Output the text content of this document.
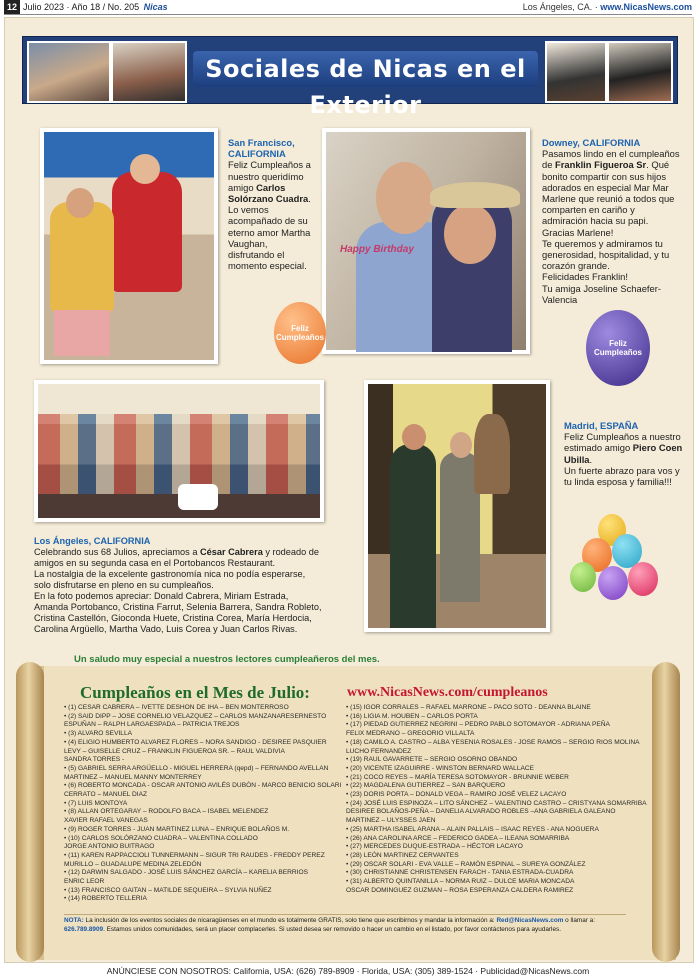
12 Julio 2023 · Año 18 / No. 205 Nicas	Los Ángeles, CA. · www.NicasNews.com
Sociales de Nicas en el Exterior
San Francisco, CALIFORNIA
Feliz Cumpleaños a nuestro queridímo amigo Carlos Solórzano Cuadra. Lo vemos acompañado de su eterno amor Martha Vaughan, disfrutando el momento especial.
Happy Birthday
Downey, CALIFORNIA
Pasamos lindo en el cumpleaños de Franklin Figueroa Sr. Qué bonito compartir con sus hijos adorados en especial Mar Mar Marlene que reunió a todos que comparten en cariño y admiración hacia su papi.
Gracias Marlene!
Te queremos y admiramos tu generosidad, hospitalidad, y tu corazón grande.
Felicidades Franklin!
Tu amiga Joseline Schaefer-Valencia
Feliz Cumpleaños
Feliz Cumpleaños
Madrid, ESPAÑA
Feliz Cumpleaños a nuestro estimado amigo Piero Coen Ubilla.
Un fuerte abrazo para vos y tu linda esposa y familia!!!
Los Ángeles, CALIFORNIA
Celebrando sus 68 Julios, apreciamos a César Cabrera y rodeado de amigos en su segunda casa en el Portobancos Restaurant.
La nostalgia de la excelente gastronomía nica no podía esperarse, solo disfrutarse en pleno en su cumpleaños.
En la foto podemos apreciar: Donald Cabrera, Miriam Estrada, Amanda Portobanco, Cristina Farrut, Selenia Barrera, Sandra Robleto, Cristina Castellón, Gioconda Huete, Cristina Corea, María Herdocia, Carolina Argüello, Martha Vado, Luis Corea y Juan Carlos Rivas.
Un saludo muy especial a nuestros lectores cumpleañeros del mes.
Cumpleaños en el Mes de Julio:	www.NicasNews.com/cumpleanos
• (1) CESAR CABRERA – IVETTE DESHON DE IHA – BEN MONTERROSO
• (2) SAID DIPP – JOSE CORNELIO VELAZQUEZ – CARLOS MANZANARESERNESTO
ESPUÑAN – RALPH LARGAESPADA – PATRICIA TREJOS
• (3) ALVARO SEVILLA
• (4) ELIGIO HUMBERTO ALVAREZ FLORES – NORA SANDIGO - DESIREE PASQUIER
LEVY – GUISELLE CRUZ – FRANKLIN FIGUEROA SR. – RAUL VALDIVIA
SANDRA TORRES -
• (5) GABRIEL SERRA ARGÜELLO - MIGUEL HERRERA (qepd) – FERNANDO AVELLAN
MARTINEZ – MANUEL MANNY MONTERREY
• (6) ROBERTO MONCADA - OSCAR ANTONIO AVILÉS DUBÓN - MARCO BENICIO SOLARI
CERRATO – MANUEL DIAZ
• (7) LUIS MONTOYA
• (8) ALLAN ORTEGARAY – RODOLFO BACA – ISABEL MELENDEZ
XAVIER RAFAEL VANEGAS
• (9) ROGER TORRES - JUAN MARTINEZ LUNA – ENRIQUE BOLAÑOS M.
• (10) CARLOS SOLÓRZANO CUADRA – VALENTINA COLLADO
JORGE ANTONIO BUITRAGO
• (11) KAREN RAPPACCIOLI TUNNERMANN – SIGUR TRI RAUDES - FREDDY PEREZ
MURILLO – GUADALUPE MEDINA ZELEDÓN
• (12) DARWIN SALGADO - JOSÉ LUIS SÁNCHEZ GARCÍA – KARELIA BERRIOS
ENRIC LEOR
• (13) FRANCISCO GAITAN – MATILDE SEQUEIRA – SYLVIA NUÑEZ
• (14) ROBERTO TELLERIA
• (15) IGOR CORRALES – RAFAEL MARRONE – PACO SOTO - DEANNA BLAINE
• (16) LIGIA M. HOUBEN – CARLOS PORTA
• (17) PIEDAD GUTIERREZ NEGRINI – PEDRO PABLO SOTOMAYOR - ADRIANA PEÑA
FELIX MEDRANO – GREGORIO VILLALTA
• (18) CAMILO A. CASTRO – ALBA YESENIA ROSALES - JOSE RAMOS – SERGIO RIOS MOLINA
LUCHO FERNANDEZ
• (19) RAUL GAVARRETE – SERGIO OSORNO OBANDO
• (20) VICENTE IZAGUIRRE - WINSTON BERNARD WALLACE
• (21) COCO REYES – MARÍA TERESA SOTOMAYOR - BRUNNIE WEBER
• (22) MAGDALENA GUTIERREZ – SAN BARQUERO
• (23) DORIS PORTA – DONALD VEGA – RAMIRO JOSÉ VELEZ LACAYO
• (24) JOSÉ LUIS ESPINOZA – LITO SÁNCHEZ – VALENTINO CASTRO – CRISTYANA SOMARRIBA
DESIREE BOLAÑOS-PEÑA – DANELIA ALVARADO ROBLES –ANA GABRIELA GALEANO
MARTINEZ – ULYSSES JAEN
• (25) MARTHA ISABEL ARANA – ALAIN PALLAIS – ISAAC REYES - ANA NOGUERA
• (26) ANA CAROLINA ARCE – FEDERICO GADEA – ILEANA SOMARRIBA
• (27) MERCEDES DUQUE-ESTRADA – HÉCTOR LACAYO
• (28) LEÓN MARTINEZ CERVANTES
• (29) OSCAR SOLARI - EVA VALLE – RAMÓN ESPINAL – SUREYA GONZÁLEZ
• (30) CHRISTIANNE CHRISTENSEN FARACH - TANIA ESTRADA-CUADRA
• (31) ALBERTO QUINTANILLA – NORMA RUIZ – DULCE MARIA MONCADA
OSCAR DOMINGUEZ GUZMAN – ROSA ESPERANZA CALDERA RAMIREZ
NOTA: La inclusión de los eventos sociales de nicaragüenses en el mundo es totalmente GRATIS, solo tiene que escribirnos y mandar la información a: Red@NicasNews.com o llamar a: 626.789.8909. Estamos unidos comunidades, será un placer complacerles. Si usted desea ser removido o hacer un cambio en el listado, por favor contáctenos para ayudarles.
ANÚNCIESE CON NOSOTROS: California, USA: (626) 789-8909 · Florida, USA: (305) 389-1524 · Publicidad@NicasNews.com
